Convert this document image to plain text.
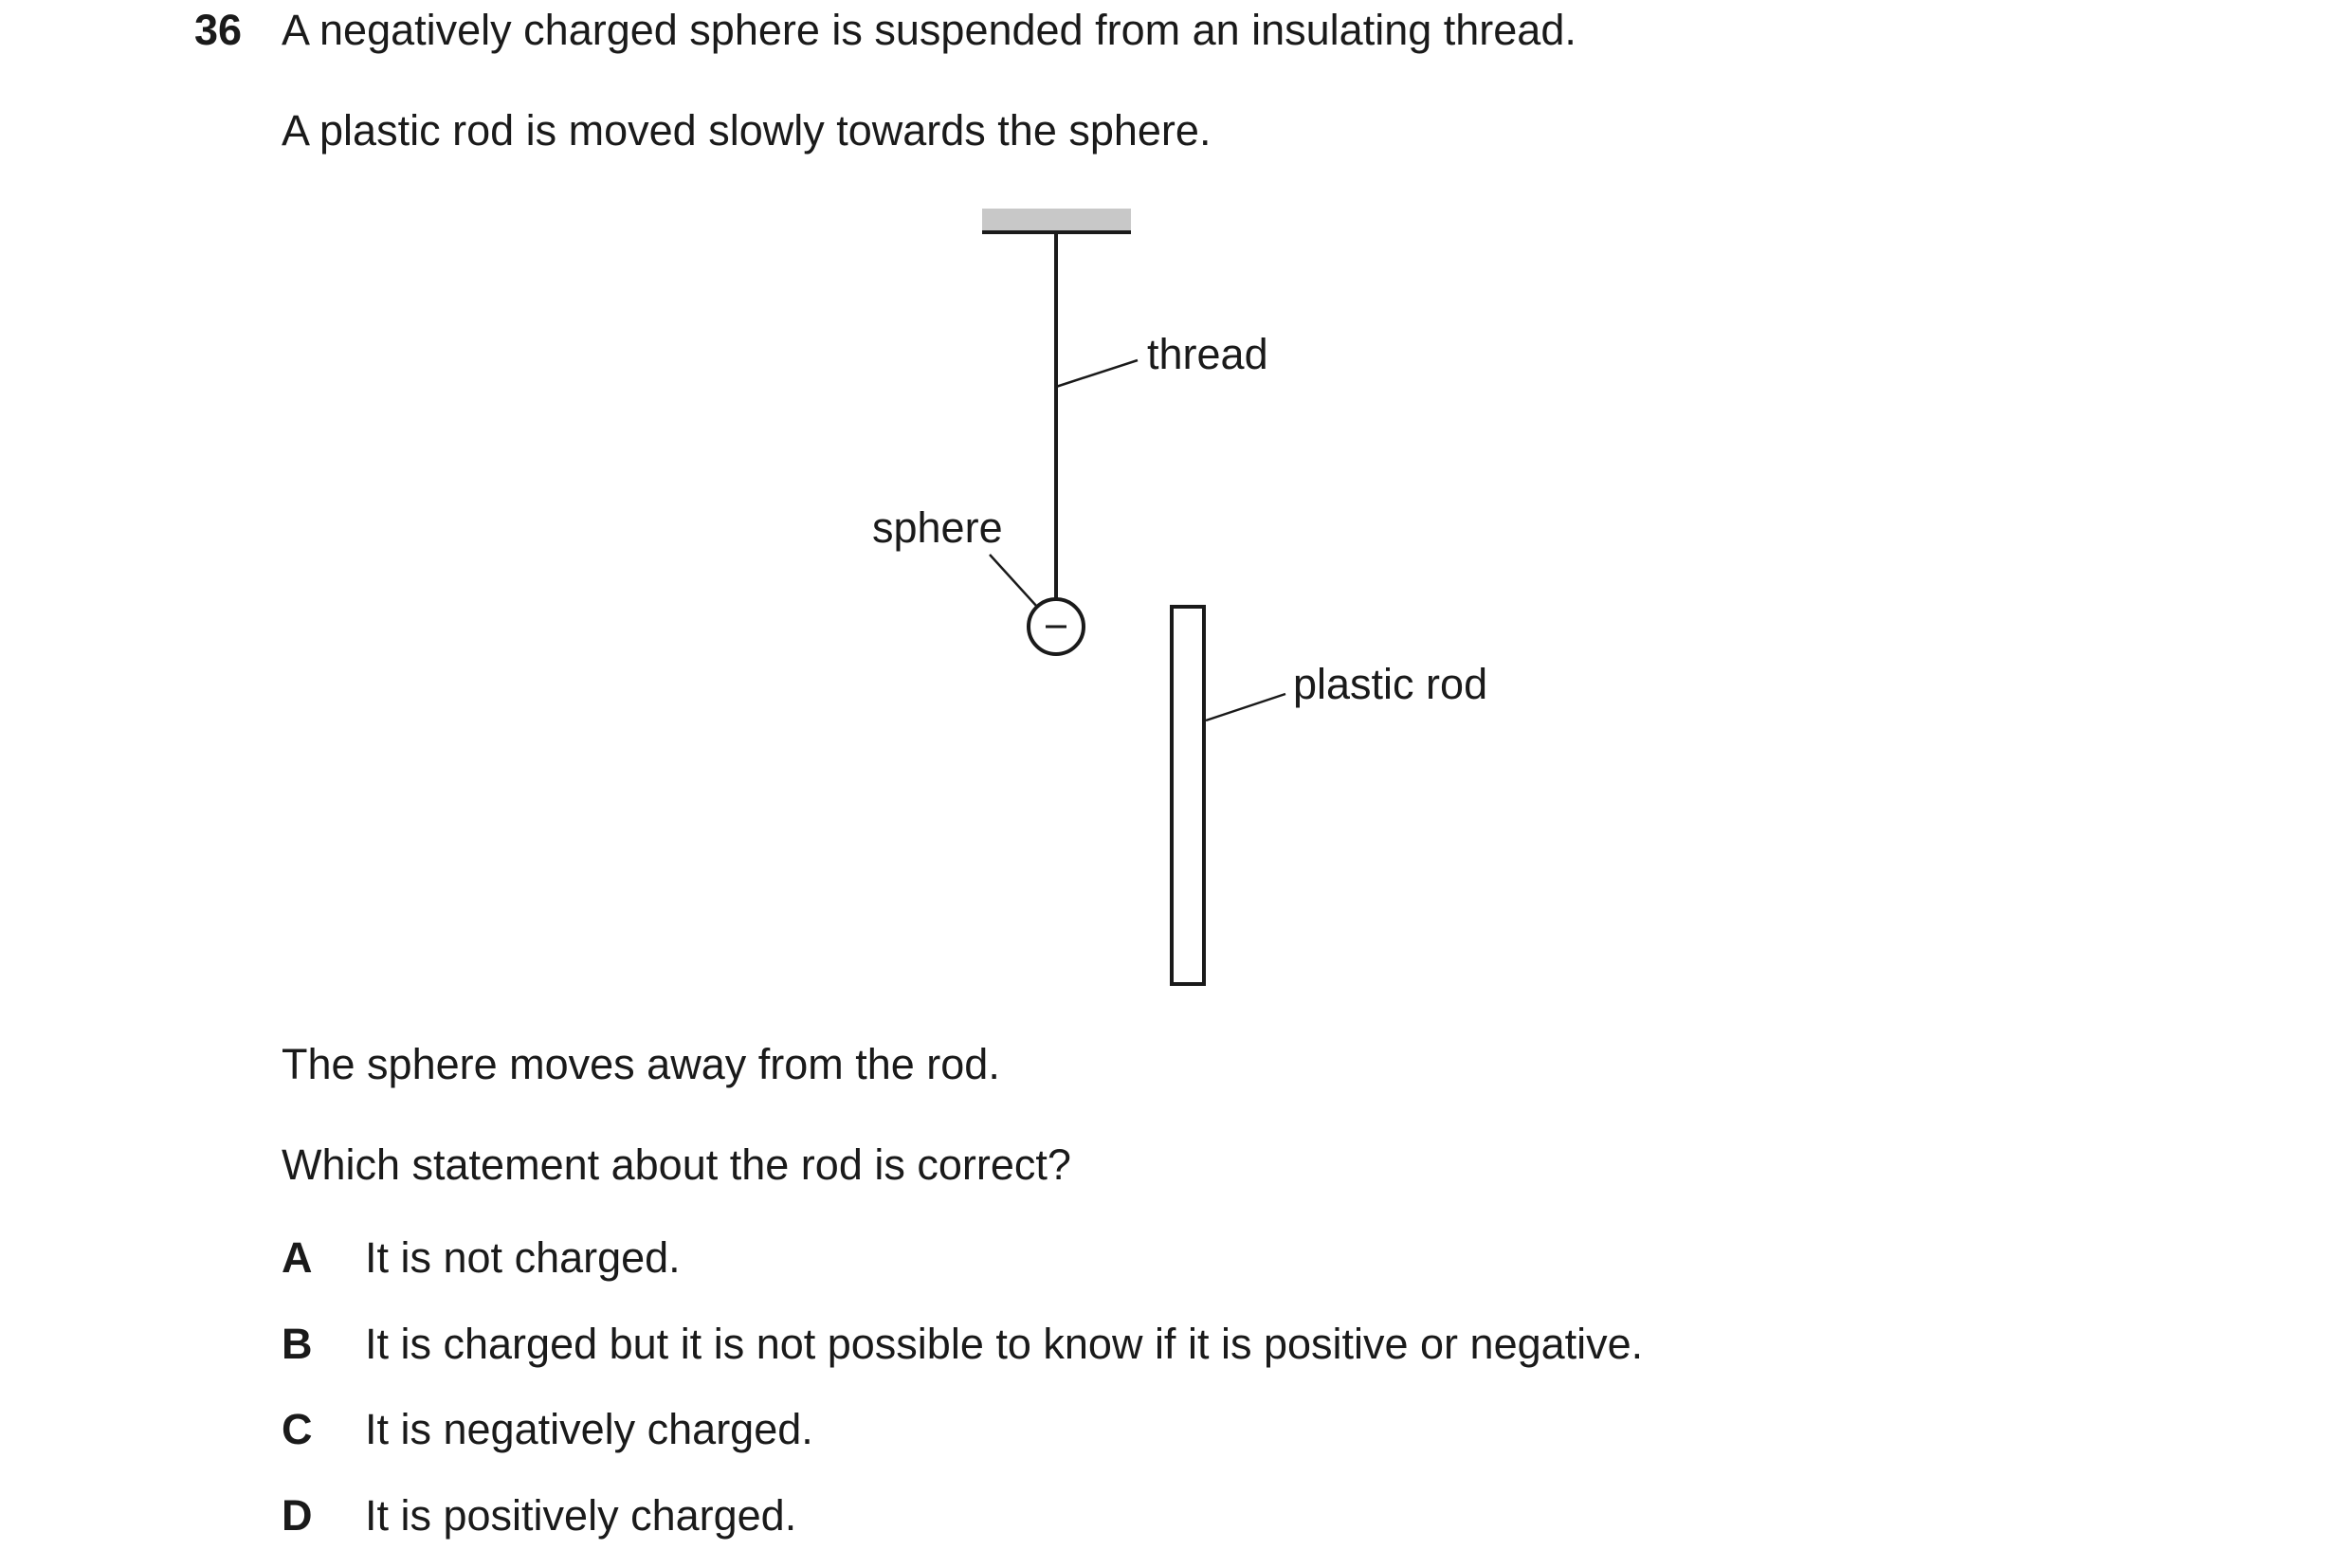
36 A negatively charged sphere is suspended from an insulating thread.
A plastic rod is moved slowly towards the sphere.
thread
sphere
plastic rod
The sphere moves away from the rod.
Which statement about the rod is correct?
A It is not charged.
B It is charged but it is not possible to know if it is positive or negative.
C It is negatively charged.
D It is positively charged.
